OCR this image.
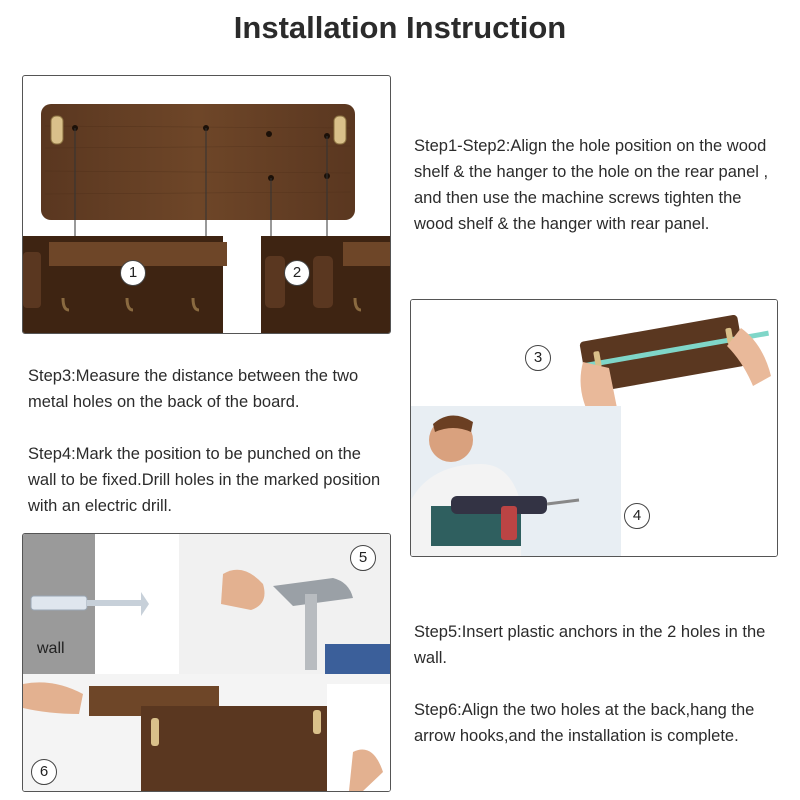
Installation Instruction
1	2

Step1-Step2:Align the hole position on the wood shelf & the hanger to the hole on the rear panel , and then use the machine screws tighten the wood shelf & the hanger with rear panel.

3
4

Step3:Measure the distance between the two metal holes on the back of the board.

Step4:Mark the position to be punched on the wall to be fixed.Drill holes in the marked position with an electric drill.

wall
5
6

Step5:Insert plastic anchors in the 2 holes in the wall.

Step6:Align the two holes at the back,hang the arrow hooks,and the installation is complete.
